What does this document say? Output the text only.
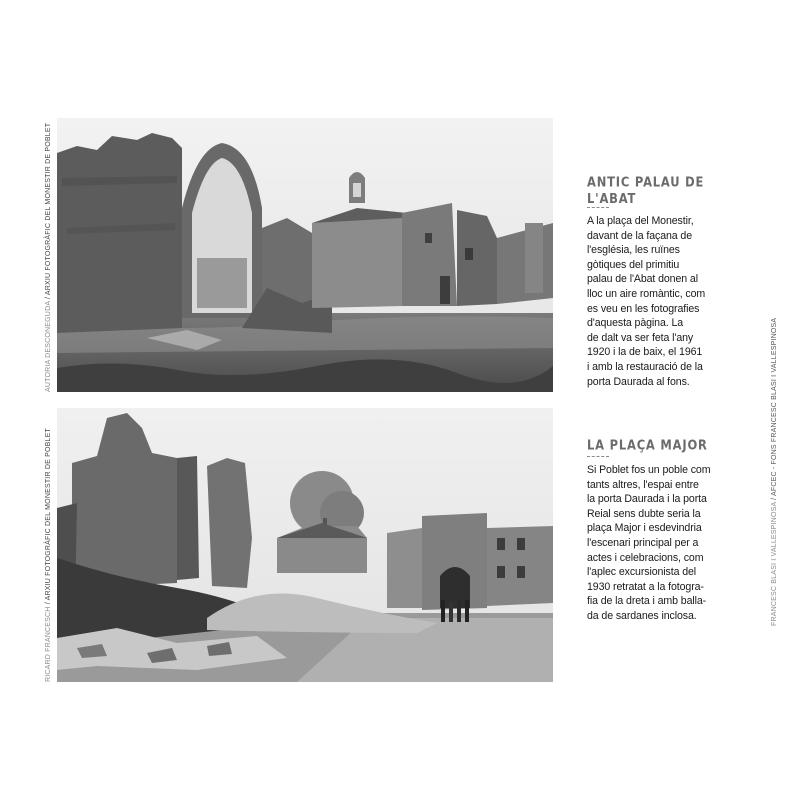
AUTORIA DESCONEGUDA / ARXIU FOTOGRÀFIC DEL MONESTIR DE POBLET
RICARD FRANCESCH / ARXIU FOTOGRÀFIC DEL MONESTIR DE POBLET	FRANCESC BLASI I VALLESPINOSA / AFCEC - FONS FRANCESC BLASI I VALLESPINOSA
ANTIC PALAU DE L'ABAT

A la plaça del Monestir,
davant de la façana de
l'església, les ruïnes
gòtiques del primitiu
palau de l'Abat donen al
lloc un aire romàntic, com
es veu en les fotografies
d'aquesta pàgina. La
de dalt va ser feta l'any
1920 i la de baix, el 1961
i amb la restauració de la
porta Daurada al fons.

LA PLAÇA MAJOR

Si Poblet fos un poble com
tants altres, l'espai entre
la porta Daurada i la porta
Reial sens dubte seria la
plaça Major i esdevindria
l'escenari principal per a
actes i celebracions, com
l'aplec excursionista del
1930 retratat a la fotogra-
fia de la dreta i amb balla-
da de sardanes inclosa.
